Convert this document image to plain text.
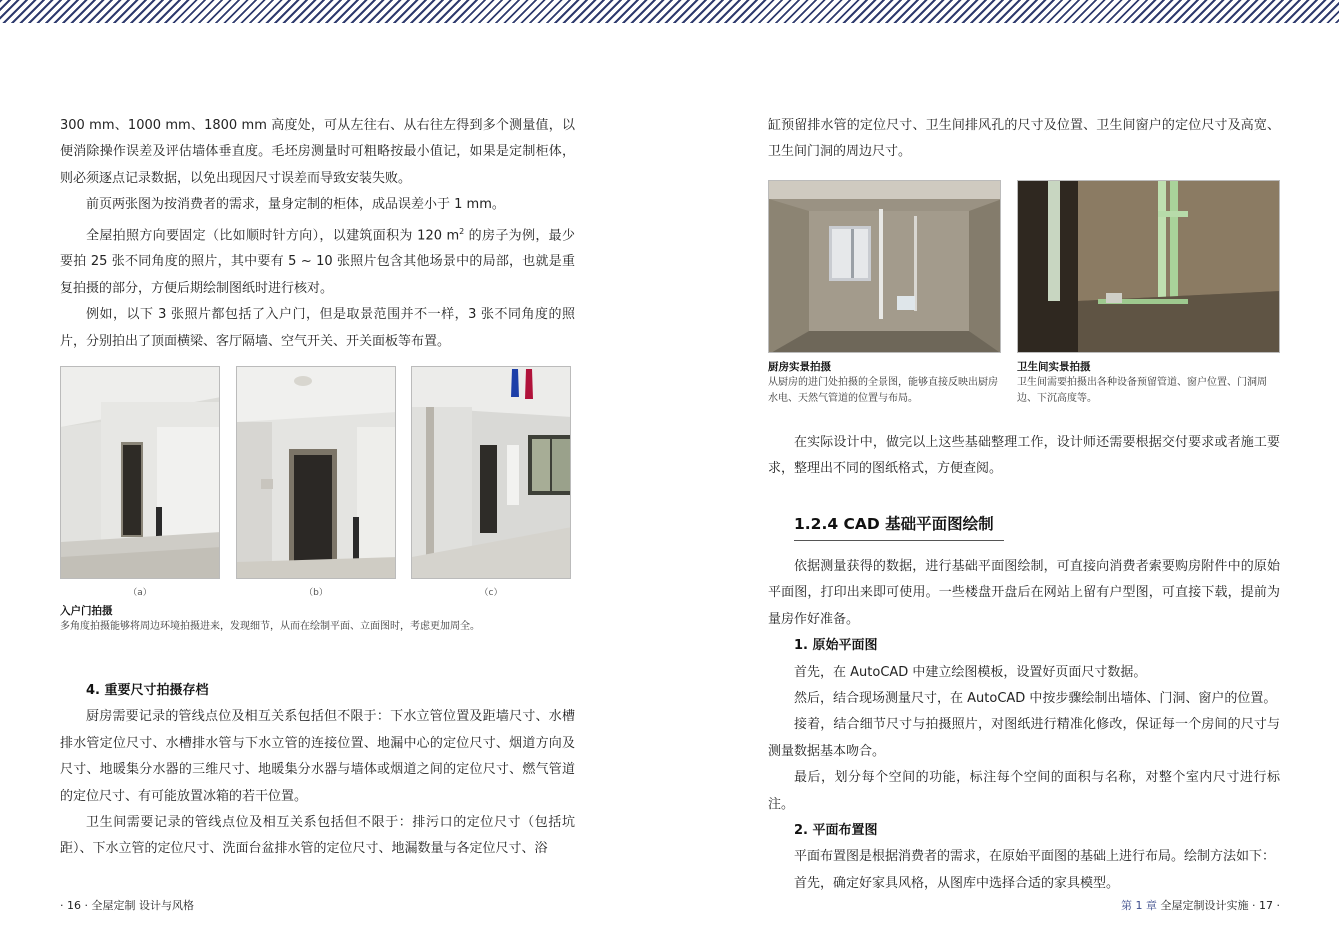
300 mm、1000 mm、1800 mm 高度处，可从左往右、从右往左得到多个测量值，以便消除操作误差及评估墙体垂直度。毛坯房测量时可粗略按最小值记，如果是定制柜体，则必须逐点记录数据，以免出现因尺寸误差而导致安装失败。

前页两张图为按消费者的需求，量身定制的柜体，成品误差小于 1 mm。

全屋拍照方向要固定（比如顺时针方向），以建筑面积为 120 $m^2$ 的房子为例，最少要拍 25 张不同角度的照片，其中要有 5 ~ 10 张照片包含其他场景中的局部，也就是重复拍摄的部分，方便后期绘制图纸时进行核对。

例如，以下 3 张照片都包括了入户门，但是取景范围并不一样，3 张不同角度的照片，分别拍出了顶面横梁、客厅隔墙、空气开关、开关面板等布置。

（a）	（b）	（c）
入户门拍摄
多角度拍摄能够将周边环境拍摄进来，发现细节，从而在绘制平面、立面图时，考虑更加周全。

4. 重要尺寸拍摄存档

厨房需要记录的管线点位及相互关系包括但不限于：下水立管位置及距墙尺寸、水槽排水管定位尺寸、水槽排水管与下水立管的连接位置、地漏中心的定位尺寸、烟道方向及尺寸、地暖集分水器的三维尺寸、地暖集分水器与墙体或烟道之间的定位尺寸、燃气管道的定位尺寸、有可能放置冰箱的若干位置。

卫生间需要记录的管线点位及相互关系包括但不限于：排污口的定位尺寸（包括坑距）、下水立管的定位尺寸、洗面台盆排水管的定位尺寸、地漏数量与各定位尺寸、浴

· 16 · 全屋定制 设计与风格

缸预留排水管的定位尺寸、卫生间排风孔的尺寸及位置、卫生间窗户的定位尺寸及高宽、卫生间门洞的周边尺寸。

厨房实景拍摄
从厨房的进门处拍摄的全景图，能够直接反映出厨房水电、天然气管道的位置与布局。
卫生间实景拍摄
卫生间需要拍摄出各种设备预留管道、窗户位置、门洞周边、下沉高度等。

在实际设计中，做完以上这些基础整理工作，设计师还需要根据交付要求或者施工要求，整理出不同的图纸格式，方便查阅。

1.2.4 CAD 基础平面图绘制

依据测量获得的数据，进行基础平面图绘制，可直接向消费者索要购房附件中的原始平面图，打印出来即可使用。一些楼盘开盘后在网站上留有户型图，可直接下载，提前为量房作好准备。

1. 原始平面图

首先，在 AutoCAD 中建立绘图模板，设置好页面尺寸数据。

然后，结合现场测量尺寸，在 AutoCAD 中按步骤绘制出墙体、门洞、窗户的位置。

接着，结合细节尺寸与拍摄照片，对图纸进行精准化修改，保证每一个房间的尺寸与测量数据基本吻合。

最后，划分每个空间的功能，标注每个空间的面积与名称，对整个室内尺寸进行标注。

2. 平面布置图

平面布置图是根据消费者的需求，在原始平面图的基础上进行布局。绘制方法如下：

首先，确定好家具风格，从图库中选择合适的家具模型。

第 1 章 全屋定制设计实施 · 17 ·
